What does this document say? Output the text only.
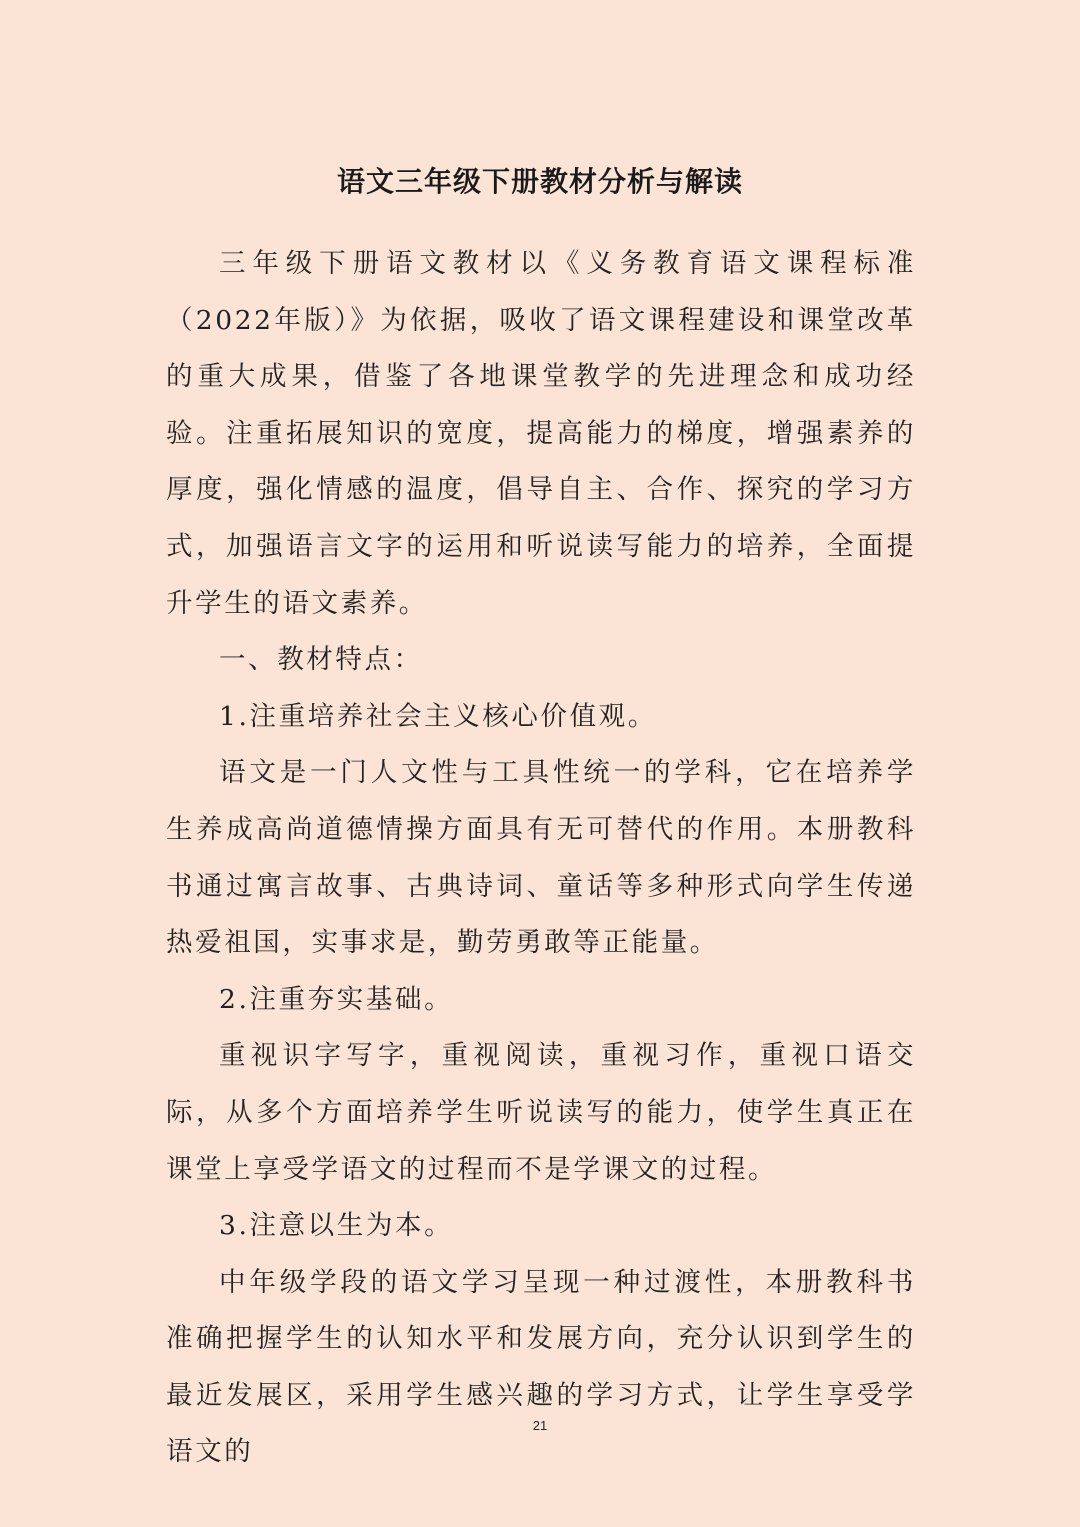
语文三年级下册教材分析与解读

三年级下册语文教材以《义务教育语文课程标准（2022年版）》为依据，吸收了语文课程建设和课堂改革的重大成果，借鉴了各地课堂教学的先进理念和成功经验。注重拓展知识的宽度，提高能力的梯度，增强素养的厚度，强化情感的温度，倡导自主、合作、探究的学习方式，加强语言文字的运用和听说读写能力的培养，全面提升学生的语文素养。

一、教材特点：

1.注重培养社会主义核心价值观。

语文是一门人文性与工具性统一的学科，它在培养学生养成高尚道德情操方面具有无可替代的作用。本册教科书通过寓言故事、古典诗词、童话等多种形式向学生传递热爱祖国，实事求是，勤劳勇敢等正能量。

2.注重夯实基础。

重视识字写字，重视阅读，重视习作，重视口语交际，从多个方面培养学生听说读写的能力，使学生真正在课堂上享受学语文的过程而不是学课文的过程。

3.注意以生为本。

中年级学段的语文学习呈现一种过渡性，本册教科书准确把握学生的认知水平和发展方向，充分认识到学生的最近发展区，采用学生感兴趣的学习方式，让学生享受学语文的

21
